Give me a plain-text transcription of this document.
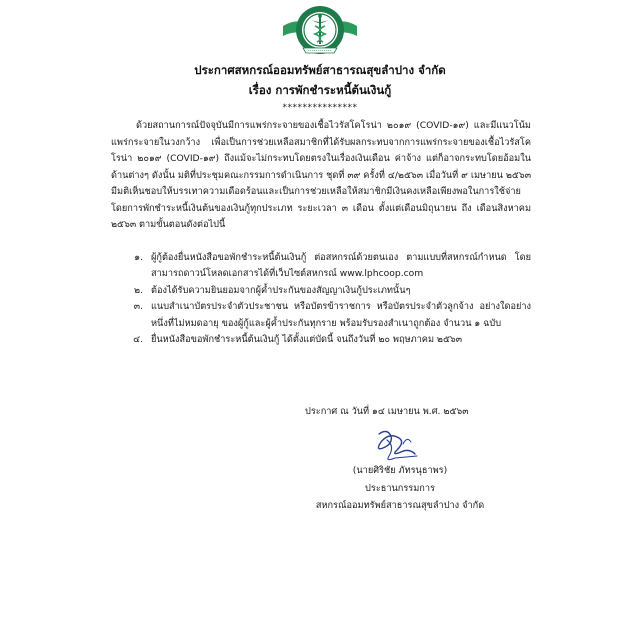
ประกาศสหกรณ์ออมทรัพย์สาธารณสุขลำปาง จำกัด
เรื่อง การพักชำระหนี้ต้นเงินกู้
***************

ด้วยสถานการณ์ปัจจุบันมีการแพร่กระจายของเชื้อไวรัสโคโรน่า ๒๐๑๙ (COVID-๑๙) และมีแนวโน้มแพร่กระจายในวงกว้าง เพื่อเป็นการช่วยเหลือสมาชิกที่ได้รับผลกระทบจากการแพร่กระจายของเชื้อไวรัสโคโรน่า ๒๐๑๙ (COVID-๑๙) ถึงแม้จะไม่กระทบโดยตรงในเรื่องเงินเดือน ค่าจ้าง แต่ก็อาจกระทบโดยอ้อมในด้านต่างๆ ดังนั้น มติที่ประชุมคณะกรรมการดำเนินการ ชุดที่ ๓๙ ครั้งที่ ๔/๒๕๖๓ เมื่อวันที่ ๙ เมษายน ๒๕๖๓ มีมติเห็นชอบให้บรรเทาความเดือดร้อนและเป็นการช่วยเหลือให้สมาชิกมีเงินคงเหลือเพียงพอในการใช้จ่ายโดยการพักชำระหนี้เงินต้นของเงินกู้ทุกประเภท ระยะเวลา ๓ เดือน ตั้งแต่เดือนมิถุนายน ถึง เดือนสิงหาคม ๒๕๖๓ ตามขั้นตอนดังต่อไปนี้

๑. ผู้กู้ต้องยื่นหนังสือขอพักชำระหนี้ต้นเงินกู้ ต่อสหกรณ์ด้วยตนเอง ตามแบบที่สหกรณ์กำหนด โดยสามารถดาวน์โหลดเอกสารได้ที่เว็บไซต์สหกรณ์ www.lphcoop.com
๒. ต้องได้รับความยินยอมจากผู้ค้ำประกันของสัญญาเงินกู้ประเภทนั้นๆ
๓. แนบสำเนาบัตรประจำตัวประชาชน หรือบัตรข้าราชการ หรือบัตรประจำตัวลูกจ้าง อย่างใดอย่างหนึ่งที่ไม่หมดอายุ ของผู้กู้และผู้ค้ำประกันทุกราย พร้อมรับรองสำเนาถูกต้อง จำนวน ๑ ฉบับ
๔. ยื่นหนังสือขอพักชำระหนี้ต้นเงินกู้ ได้ตั้งแต่บัดนี้ จนถึงวันที่ ๒๐ พฤษภาคม ๒๕๖๓
ประกาศ ณ วันที่ ๑๔ เมษายน พ.ศ. ๒๕๖๓
(นายศิริชัย ภัทรนุธาพร)
ประธานกรรมการ
สหกรณ์ออมทรัพย์สาธารณสุขลำปาง จำกัด
